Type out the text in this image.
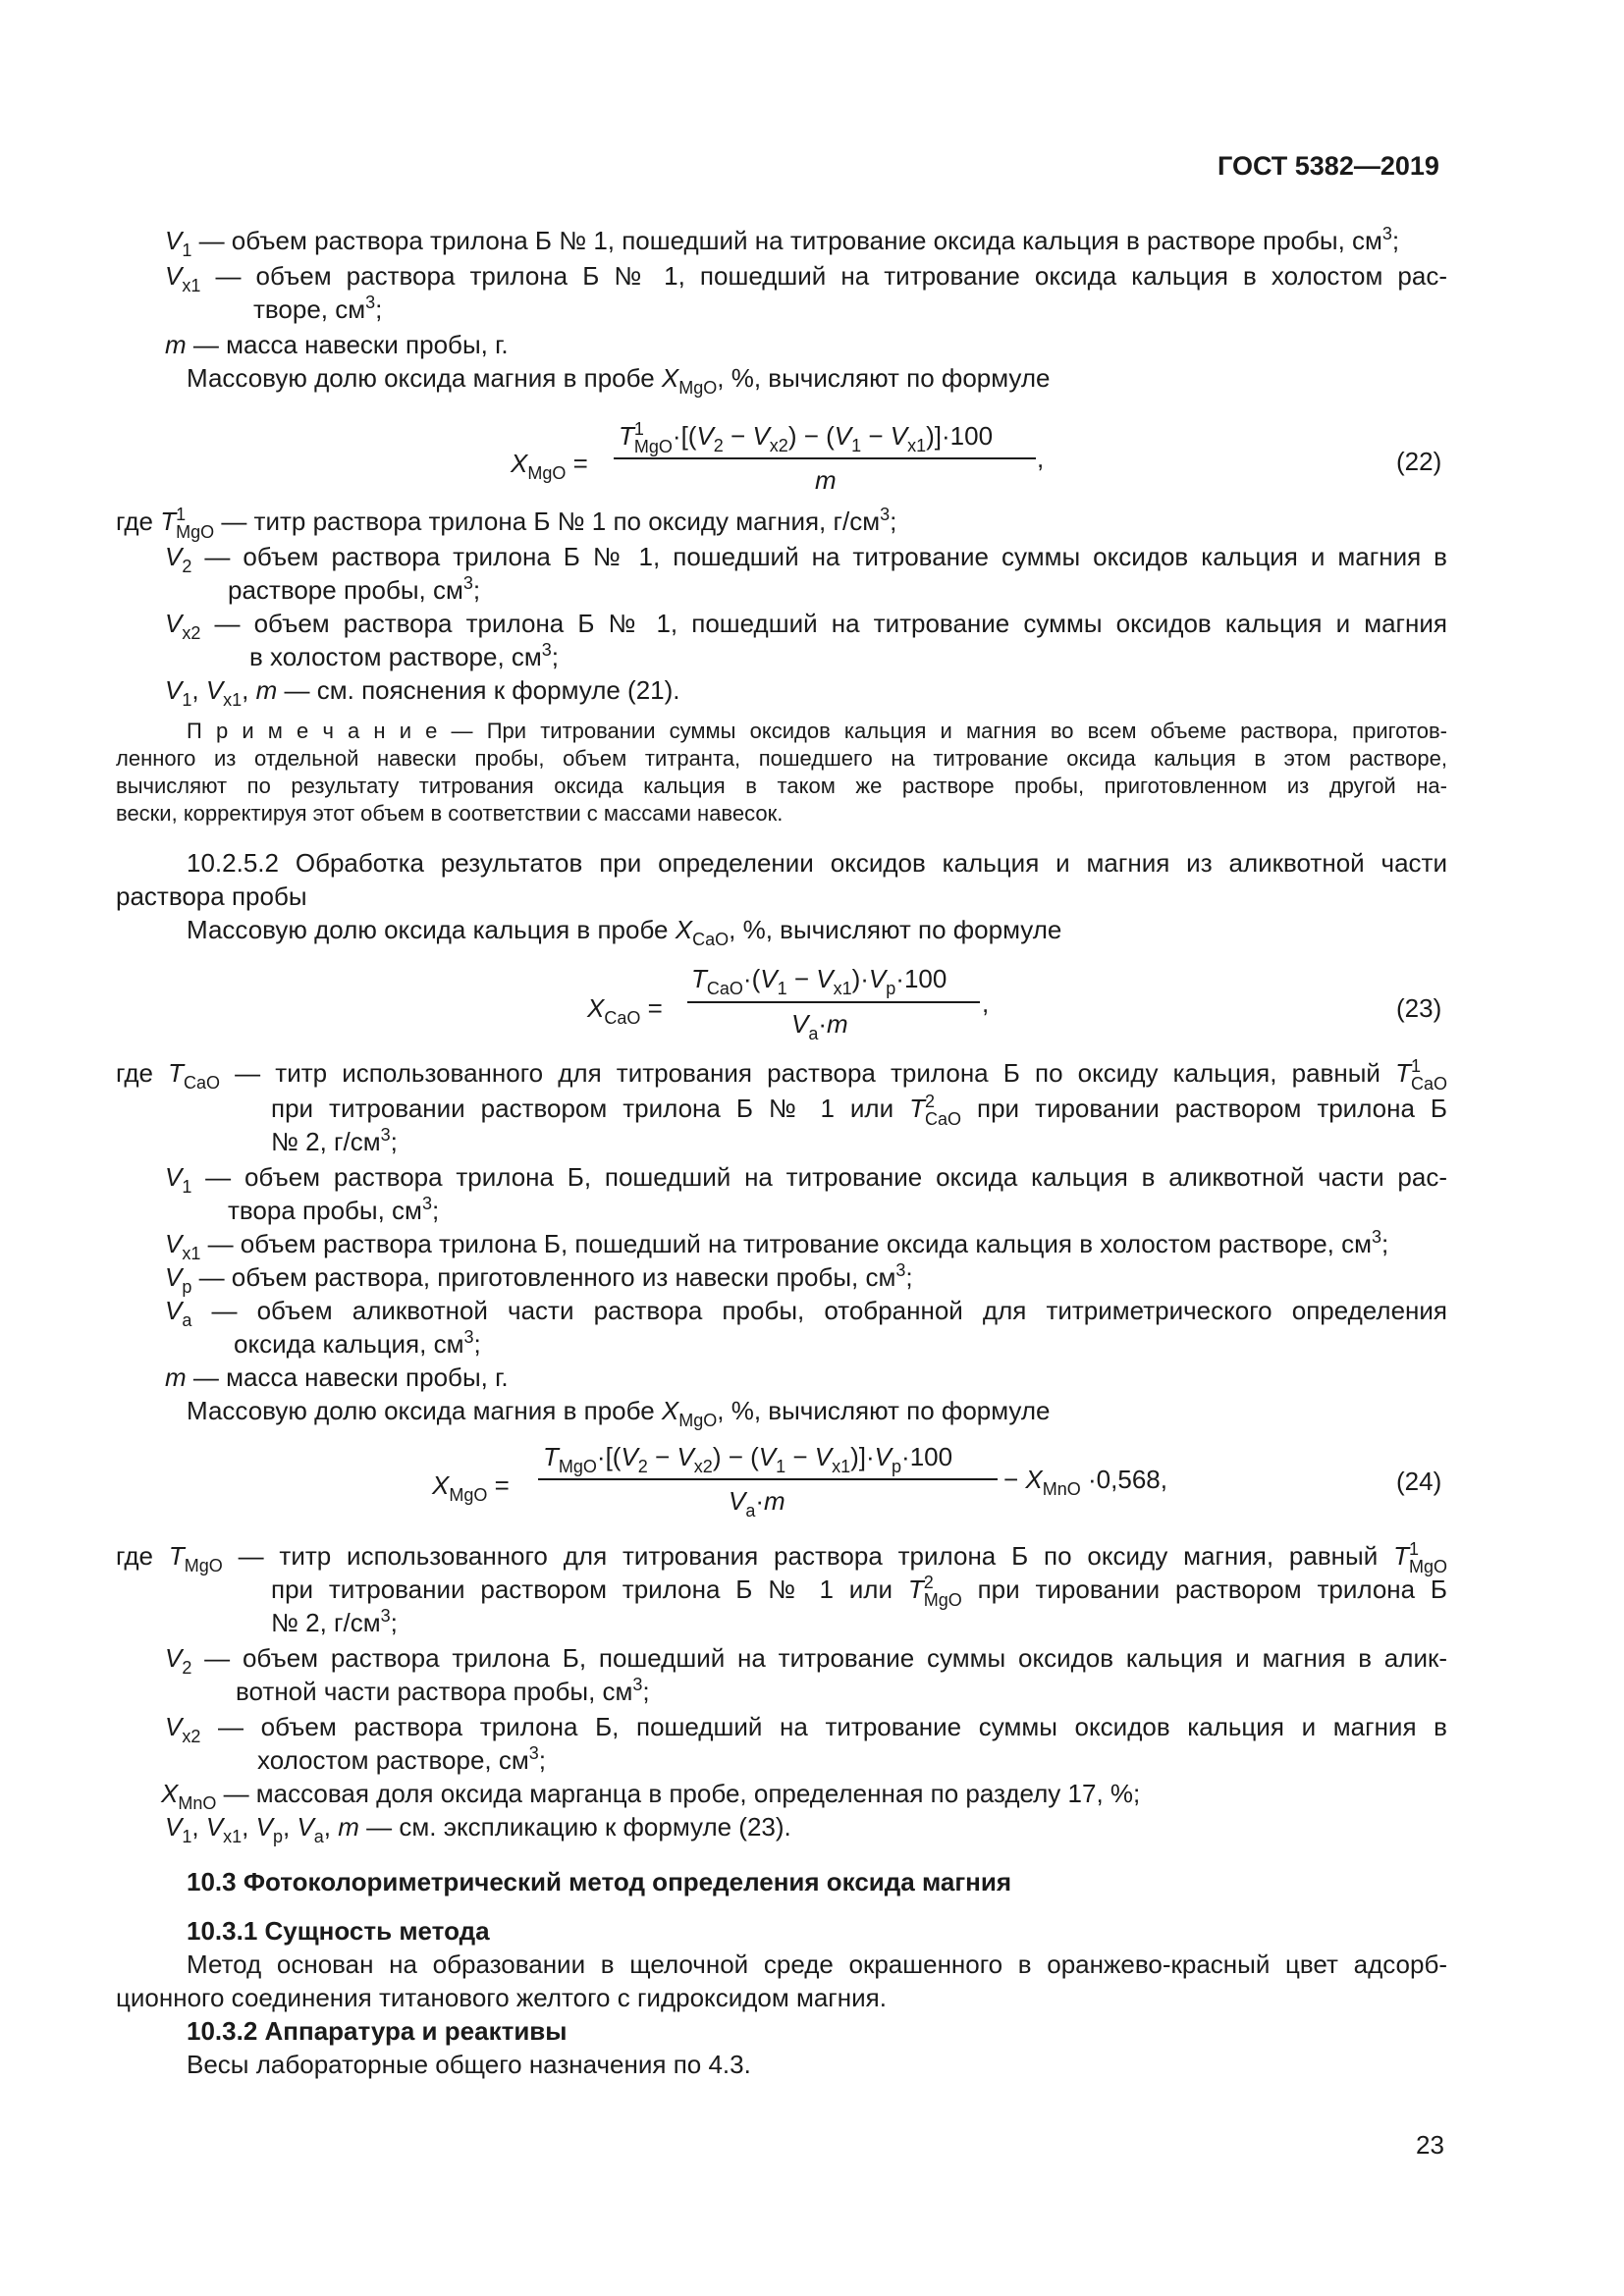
ГОСТ 5382—2019
$V_1$ — объем раствора трилона Б № 1, пошедший на титрование оксида кальция в растворе пробы, $см^3$;
$V_{x1}$ — объем раствора трилона Б № 1, пошедший на титрование оксида кальция в холостом рас-
творе, $см^3$;
m — масса навески пробы, г.
Массовую долю оксида магния в пробе $X_{MgO}$, %, вычисляют по формуле
$X_{MgO}$ =
T 1
MgO $\cdot[(V_2 - V_{x2}) - (V_1 - V_{x1})]\cdot 100$
m
,	(22)
где T 1
MgO — титр раствора трилона Б № 1 по оксиду магния, $г/см^3$;
$V_2$ — объем раствора трилона Б № 1, пошедший на титрование суммы оксидов кальция и магния в
растворе пробы, $см^3$;
$V_{x2}$ — объем раствора трилона Б № 1, пошедший на титрование суммы оксидов кальция и магния
в холостом растворе, $см^3$;
$V_1$, $V_{x1}$, m — см. пояснения к формуле (21).
П р и м е ч а н и е — При титровании суммы оксидов кальция и магния во всем объеме раствора, приготов-
ленного из отдельной навески пробы, объем титранта, пошедшего на титрование оксида кальция в этом растворе,
вычисляют по результату титрования оксида кальция в таком же растворе пробы, приготовленном из другой на-
вески, корректируя этот объем в соответствии с массами навесок.
10.2.5.2 Обработка результатов при определении оксидов кальция и магния из аликвотной части
раствора пробы
Массовую долю оксида кальция в пробе $X_{CaO}$, %, вычисляют по формуле
$X_{CaO}$ =
$T_{CaO}\cdot(V_1 - V_{x1})\cdot V_p\cdot 100$
$V_a\cdot m$
,	(23)
где $T_{CaO}$ — титр использованного для титрования раствора трилона Б по оксиду кальция, равный T 1
CaO
при титровании раствором трилона Б № 1 или T 2
CaO при тировании раствором трилона Б
№ 2, $г/см^3$;
$V_1$ — объем раствора трилона Б, пошедший на титрование оксида кальция в аликвотной части рас-
твора пробы, $см^3$;
$V_{x1}$ — объем раствора трилона Б, пошедший на титрование оксида кальция в холостом растворе, $см^3$;
$V_p$ — объем раствора, приготовленного из навески пробы, $см^3$;
$V_a$ — объем аликвотной части раствора пробы, отобранной для титриметрического определения
оксида кальция, $см^3$;
m — масса навески пробы, г.
Массовую долю оксида магния в пробе $X_{MgO}$, %, вычисляют по формуле
$X_{MgO}$ =
$T_{MgO}\cdot[(V_2 - V_{x2}) - (V_1 - V_{x1})]\cdot V_p\cdot 100$
$V_a\cdot m$
− $X_{MnO} \cdot 0,568$,	(24)
где $T_{MgO}$ — титр использованного для титрования раствора трилона Б по оксиду магния, равный T 1
MgO
при титровании раствором трилона Б № 1 или T 2
MgO при тировании раствором трилона Б
№ 2, $г/см^3$;
$V_2$ — объем раствора трилона Б, пошедший на титрование суммы оксидов кальция и магния в алик-
вотной части раствора пробы, $см^3$;
$V_{x2}$ — объем раствора трилона Б, пошедший на титрование суммы оксидов кальция и магния в
холостом растворе, $см^3$;
$X_{MnO}$ — массовая доля оксида марганца в пробе, определенная по разделу 17, %;
$V_1$, $V_{x1}$, $V_p$, $V_a$, m — см. экспликацию к формуле (23).
10.3 Фотоколориметрический метод определения оксида магния
10.3.1 Сущность метода
Метод основан на образовании в щелочной среде окрашенного в оранжево-красный цвет адсорб-
ционного соединения титанового желтого с гидроксидом магния.
10.3.2 Аппаратура и реактивы
Весы лабораторные общего назначения по 4.3.
23
